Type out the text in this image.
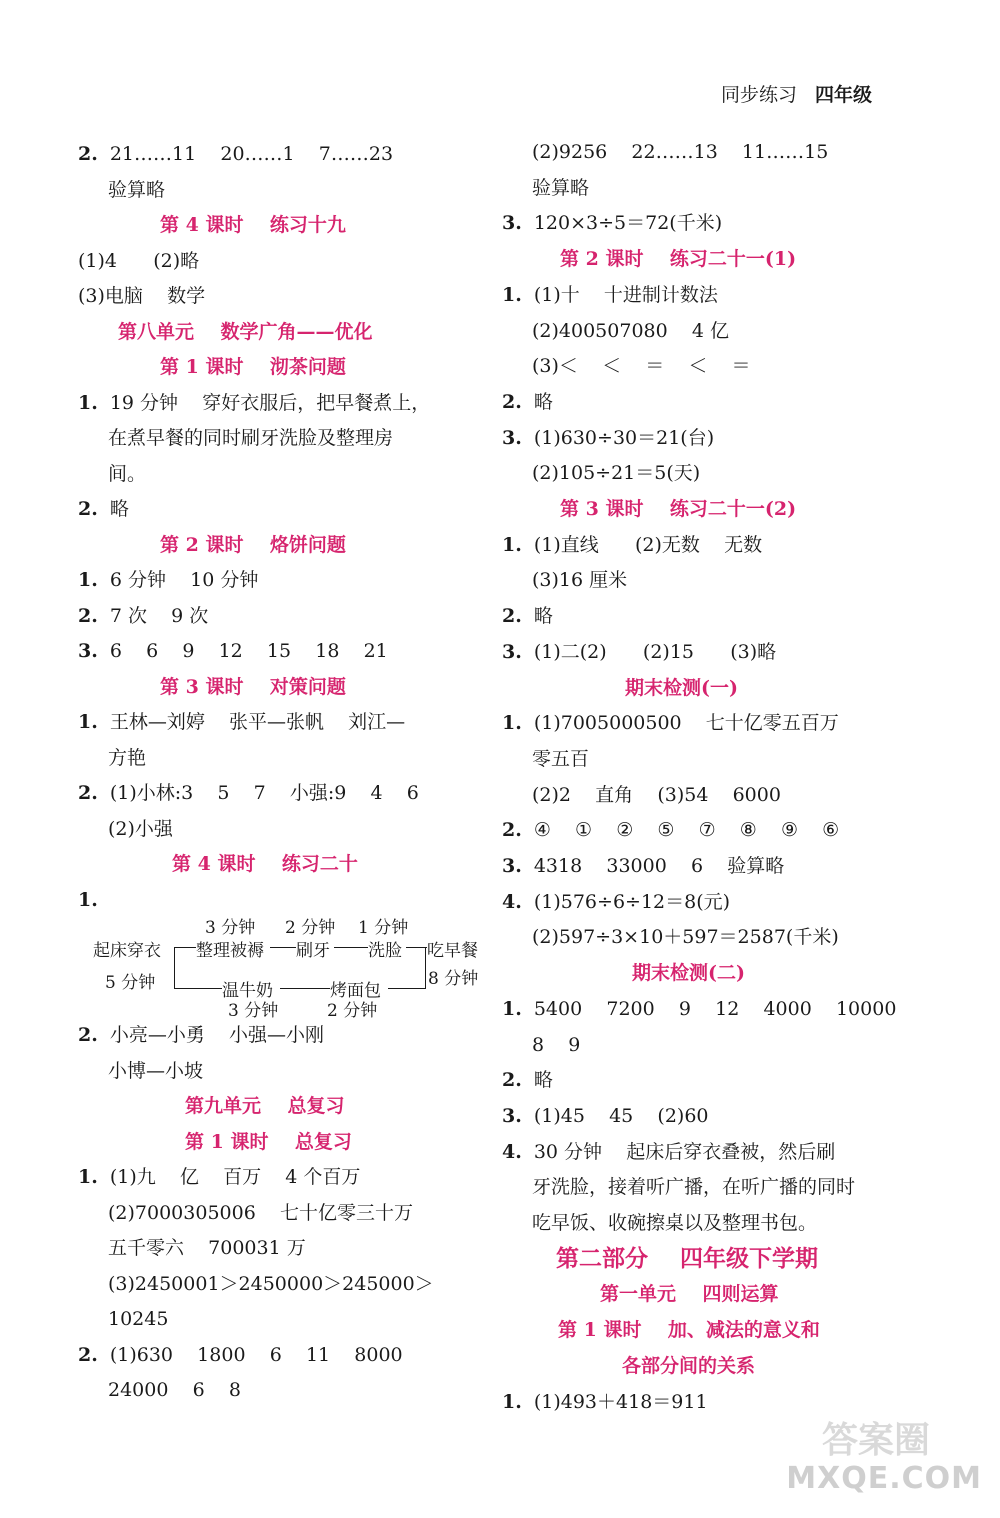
同步练习 四年级
2. 21……11    20……1    7……23
验算略
第 4 课时    练习十九
(1)4      (2)略
(3)电脑    数学
第八单元    数学广角——优化
第 1 课时    沏茶问题
1. 19 分钟    穿好衣服后，把早餐煮上，
在煮早餐的同时刷牙洗脸及整理房
间。
2. 略
第 2 课时    烙饼问题
1. 6 分钟    10 分钟
2. 7 次    9 次
3. 6    6    9    12    15    18    21
第 3 课时    对策问题
1. 王林—刘婷    张平—张帆    刘江—
方艳
2. (1)小林:3    5    7    小强:9    4    6
(2)小强
第 4 课时    练习二十
1.
2. 小亮—小勇    小强—小刚
小博—小坡
第九单元    总复习
第 1 课时    总复习
1. (1)九    亿    百万    4 个百万
(2)7000305006    七十亿零三十万
五千零六    700031 万
(3)2450001＞2450000＞245000＞
10245
2. (1)630    1800    6    11    8000
24000    6    8
(2)9256    22……13    11……15
验算略
3. 120×3÷5＝72(千米)
第 2 课时    练习二十一(1)
1. (1)十    十进制计数法
(2)400507080    4 亿
(3)＜    ＜    ＝    ＜    ＝
2. 略
3. (1)630÷30＝21(台)
(2)105÷21＝5(天)
第 3 课时    练习二十一(2)
1. (1)直线      (2)无数    无数
(3)16 厘米
2. 略
3. (1)二(2)      (2)15      (3)略
期末检测(一)
1. (1)7005000500    七十亿零五百万
零五百
(2)2    直角    (3)54    6000
2. ④    ①    ②    ⑤    ⑦    ⑧    ⑨    ⑥
3. 4318    33000    6    验算略
4. (1)576÷6÷12＝8(元)
(2)597÷3×10＋597＝2587(千米)
期末检测(二)
1. 5400    7200    9    12    4000    10000
8    9
2. 略
3. (1)45    45    (2)60
4. 30 分钟    起床后穿衣叠被，然后刷
牙洗脸，接着听广播，在听广播的同时
吃早饭、收碗擦桌以及整理书包。
第二部分    四年级下学期
第一单元    四则运算
第 1 课时    加、减法的意义和
各部分间的关系
1. (1)493＋418＝911
3 分钟 2 分钟 1 分钟
起床穿衣 整理被褥 刷牙 洗脸 吃早餐
5 分钟	8 分钟
温牛奶	烤面包
3 分钟	2 分钟
答案圈
MXQE.COM
